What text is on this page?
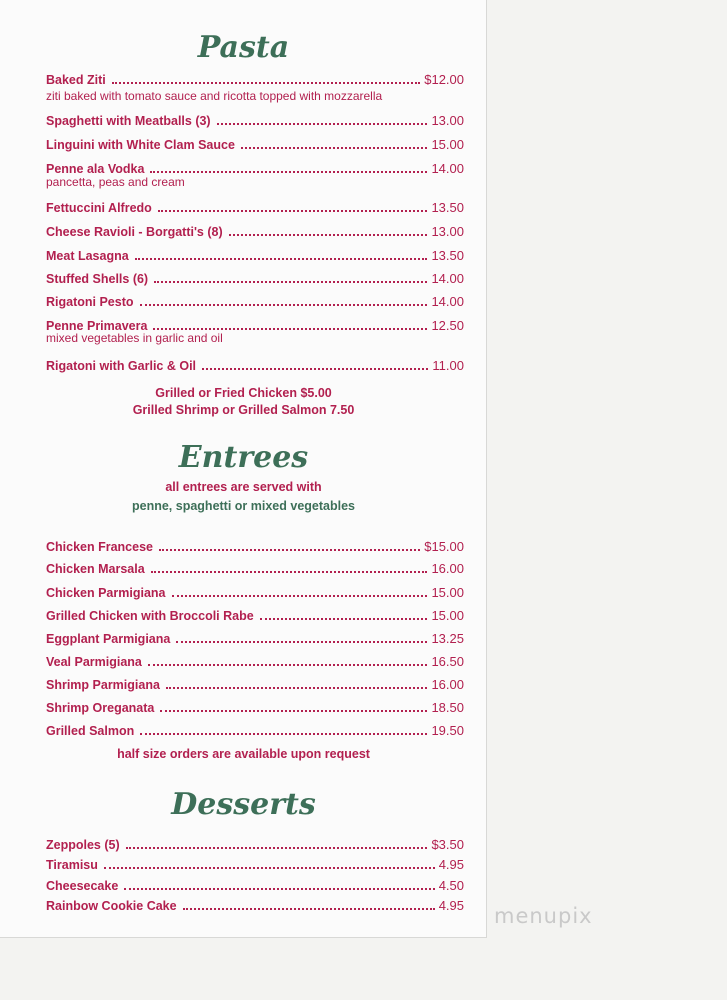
Pasta
Baked Ziti	$12.00
ziti baked with tomato sauce and ricotta topped with mozzarella
Spaghetti with Meatballs (3)	13.00
Linguini with White Clam Sauce	15.00
Penne ala Vodka	14.00
pancetta, peas and cream
Fettuccini Alfredo	13.50
Cheese Ravioli - Borgatti's (8)	13.00
Meat Lasagna	13.50
Stuffed Shells (6)	14.00
Rigatoni Pesto	14.00
Penne Primavera	12.50
mixed vegetables in garlic and oil
Rigatoni with Garlic & Oil	11.00
Grilled or Fried Chicken $5.00
Grilled Shrimp or Grilled Salmon 7.50
Entrees
all entrees are served with
penne, spaghetti or mixed vegetables
Chicken Francese	$15.00
Chicken Marsala	16.00
Chicken Parmigiana	15.00
Grilled Chicken with Broccoli Rabe	15.00
Eggplant Parmigiana	13.25
Veal Parmigiana	16.50
Shrimp Parmigiana	16.00
Shrimp Oreganata	18.50
Grilled Salmon	19.50
half size orders are available upon request
Desserts
Zeppoles (5)	$3.50
Tiramisu	4.95
Cheesecake	4.50
Rainbow Cookie Cake	4.95 menupix
